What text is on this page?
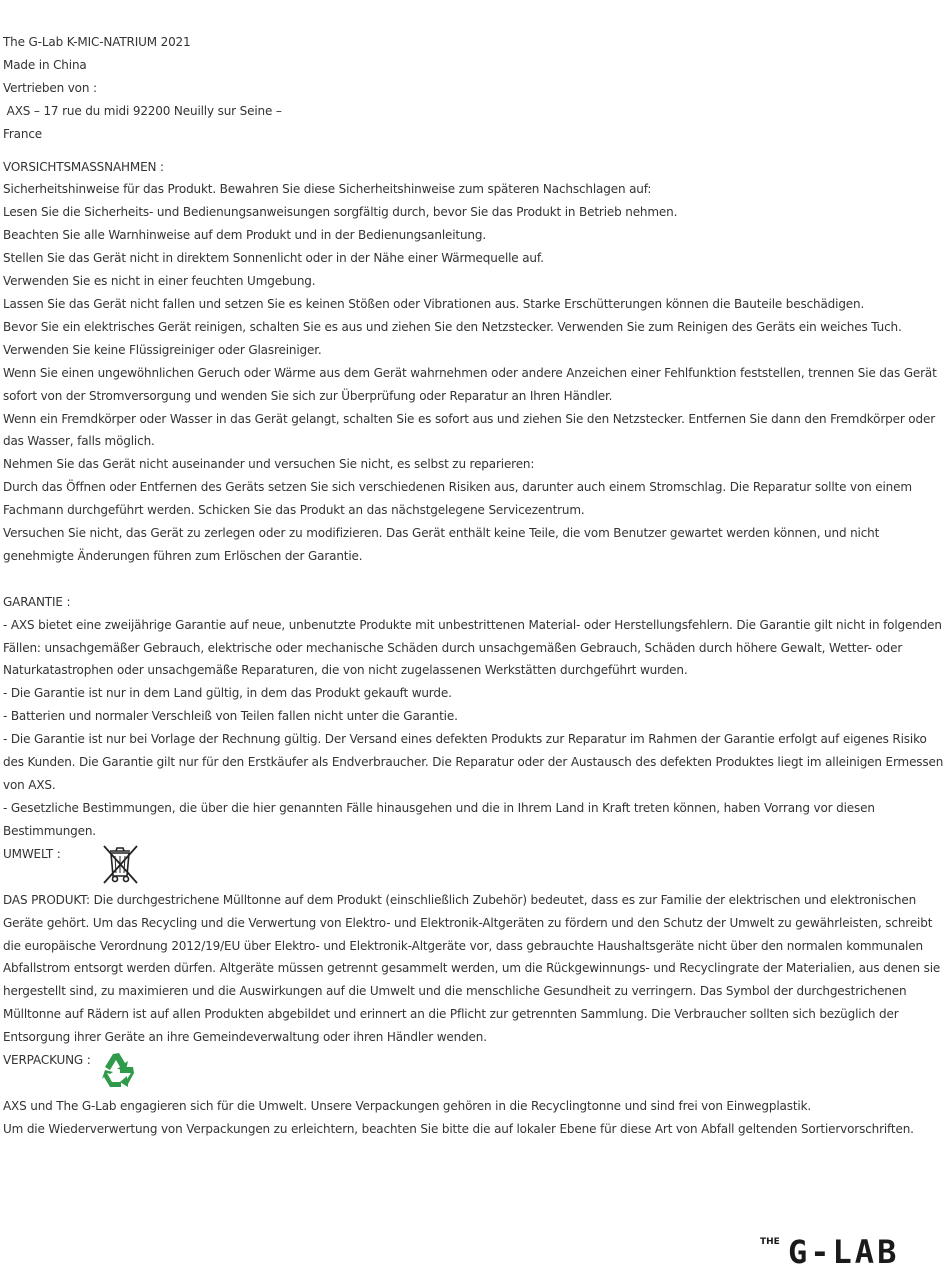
The G-Lab K-MIC-NATRIUM 2021
Made in China
Vertrieben von :
AXS – 17 rue du midi 92200 Neuilly sur Seine –
France
VORSICHTSMASSNAHMEN :
Sicherheitshinweise für das Produkt. Bewahren Sie diese Sicherheitshinweise zum späteren Nachschlagen auf:
Lesen Sie die Sicherheits- und Bedienungsanweisungen sorgfältig durch, bevor Sie das Produkt in Betrieb nehmen.
Beachten Sie alle Warnhinweise auf dem Produkt und in der Bedienungsanleitung.
Stellen Sie das Gerät nicht in direktem Sonnenlicht oder in der Nähe einer Wärmequelle auf.
Verwenden Sie es nicht in einer feuchten Umgebung.
Lassen Sie das Gerät nicht fallen und setzen Sie es keinen Stößen oder Vibrationen aus. Starke Erschütterungen können die Bauteile beschädigen.
Bevor Sie ein elektrisches Gerät reinigen, schalten Sie es aus und ziehen Sie den Netzstecker. Verwenden Sie zum Reinigen des Geräts ein weiches Tuch.
Verwenden Sie keine Flüssigreiniger oder Glasreiniger.
Wenn Sie einen ungewöhnlichen Geruch oder Wärme aus dem Gerät wahrnehmen oder andere Anzeichen einer Fehlfunktion feststellen, trennen Sie das Gerät sofort von der Stromversorgung und wenden Sie sich zur Überprüfung oder Reparatur an Ihren Händler.
Wenn ein Fremdkörper oder Wasser in das Gerät gelangt, schalten Sie es sofort aus und ziehen Sie den Netzstecker. Entfernen Sie dann den Fremdkörper oder das Wasser, falls möglich.
Nehmen Sie das Gerät nicht auseinander und versuchen Sie nicht, es selbst zu reparieren:
Durch das Öffnen oder Entfernen des Geräts setzen Sie sich verschiedenen Risiken aus, darunter auch einem Stromschlag. Die Reparatur sollte von einem Fachmann durchgeführt werden. Schicken Sie das Produkt an das nächstgelegene Servicezentrum.
Versuchen Sie nicht, das Gerät zu zerlegen oder zu modifizieren. Das Gerät enthält keine Teile, die vom Benutzer gewartet werden können, und nicht genehmigte Änderungen führen zum Erlöschen der Garantie.
GARANTIE :
- AXS bietet eine zweijährige Garantie auf neue, unbenutzte Produkte mit unbestrittenen Material- oder Herstellungsfehlern. Die Garantie gilt nicht in folgenden Fällen: unsachgemäßer Gebrauch, elektrische oder mechanische Schäden durch unsachgemäßen Gebrauch, Schäden durch höhere Gewalt, Wetter- oder Naturkatastrophen oder unsachgemäße Reparaturen, die von nicht zugelassenen Werkstätten durchgeführt wurden.
- Die Garantie ist nur in dem Land gültig, in dem das Produkt gekauft wurde.
- Batterien und normaler Verschleiß von Teilen fallen nicht unter die Garantie.
- Die Garantie ist nur bei Vorlage der Rechnung gültig. Der Versand eines defekten Produkts zur Reparatur im Rahmen der Garantie erfolgt auf eigenes Risiko des Kunden. Die Garantie gilt nur für den Erstkäufer als Endverbraucher. Die Reparatur oder der Austausch des defekten Produktes liegt im alleinigen Ermessen von AXS.
- Gesetzliche Bestimmungen, die über die hier genannten Fälle hinausgehen und die in Ihrem Land in Kraft treten können, haben Vorrang vor diesen Bestimmungen.
UMWELT :
DAS PRODUKT: Die durchgestrichene Mülltonne auf dem Produkt (einschließlich Zubehör) bedeutet, dass es zur Familie der elektrischen und elektronischen Geräte gehört. Um das Recycling und die Verwertung von Elektro- und Elektronik-Altgeräten zu fördern und den Schutz der Umwelt zu gewährleisten, schreibt die europäische Verordnung 2012/19/EU über Elektro- und Elektronik-Altgeräte vor, dass gebrauchte Haushaltsgeräte nicht über den normalen kommunalen Abfallstrom entsorgt werden dürfen. Altgeräte müssen getrennt gesammelt werden, um die Rückgewinnungs- und Recyclingrate der Materialien, aus denen sie hergestellt sind, zu maximieren und die Auswirkungen auf die Umwelt und die menschliche Gesundheit zu verringern. Das Symbol der durchgestrichenen Mülltonne auf Rädern ist auf allen Produkten abgebildet und erinnert an die Pflicht zur getrennten Sammlung. Die Verbraucher sollten sich bezüglich der Entsorgung ihrer Geräte an ihre Gemeindeverwaltung oder ihren Händler wenden.
VERPACKUNG :
AXS und The G-Lab engagieren sich für die Umwelt. Unsere Verpackungen gehören in die Recyclingtonne und sind frei von Einwegplastik.
Um die Wiederverwertung von Verpackungen zu erleichtern, beachten Sie bitte die auf lokaler Ebene für diese Art von Abfall geltenden Sortiervorschriften.
THE G-LAB
